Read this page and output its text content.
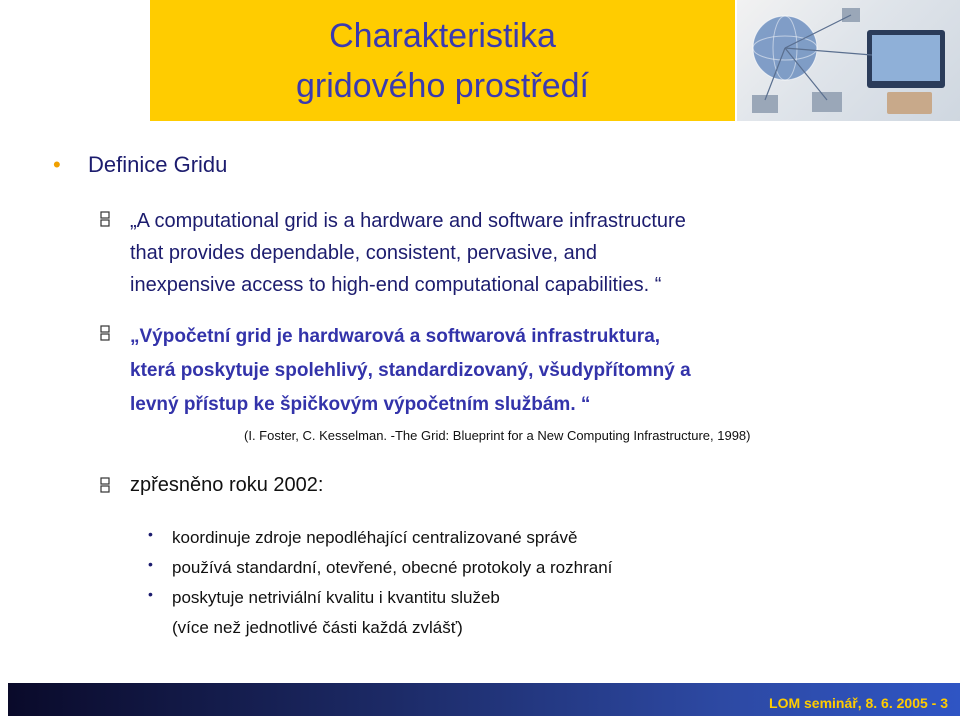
Charakteristika
gridového prostředí
• Definice Gridu
„A computational grid is a hardware and software infrastructure
that provides dependable, consistent, pervasive, and
inexpensive access to high-end computational capabilities. “
„Výpočetní grid je hardwarová a softwarová infrastruktura,
která poskytuje spolehlivý, standardizovaný, všudypřítomný a
levný přístup ke špičkovým výpočetním službám. “
(I. Foster, C. Kesselman. -The Grid: Blueprint for a New Computing Infrastructure, 1998)
zpřesněno roku 2002:
•
•
•
koordinuje zdroje nepodléhající centralizované správě
používá standardní, otevřené, obecné protokoly a rozhraní
poskytuje netriviální kvalitu i kvantitu služeb
(více než jednotlivé části každá zvlášť)
LOM seminář, 8. 6. 2005 - 3
